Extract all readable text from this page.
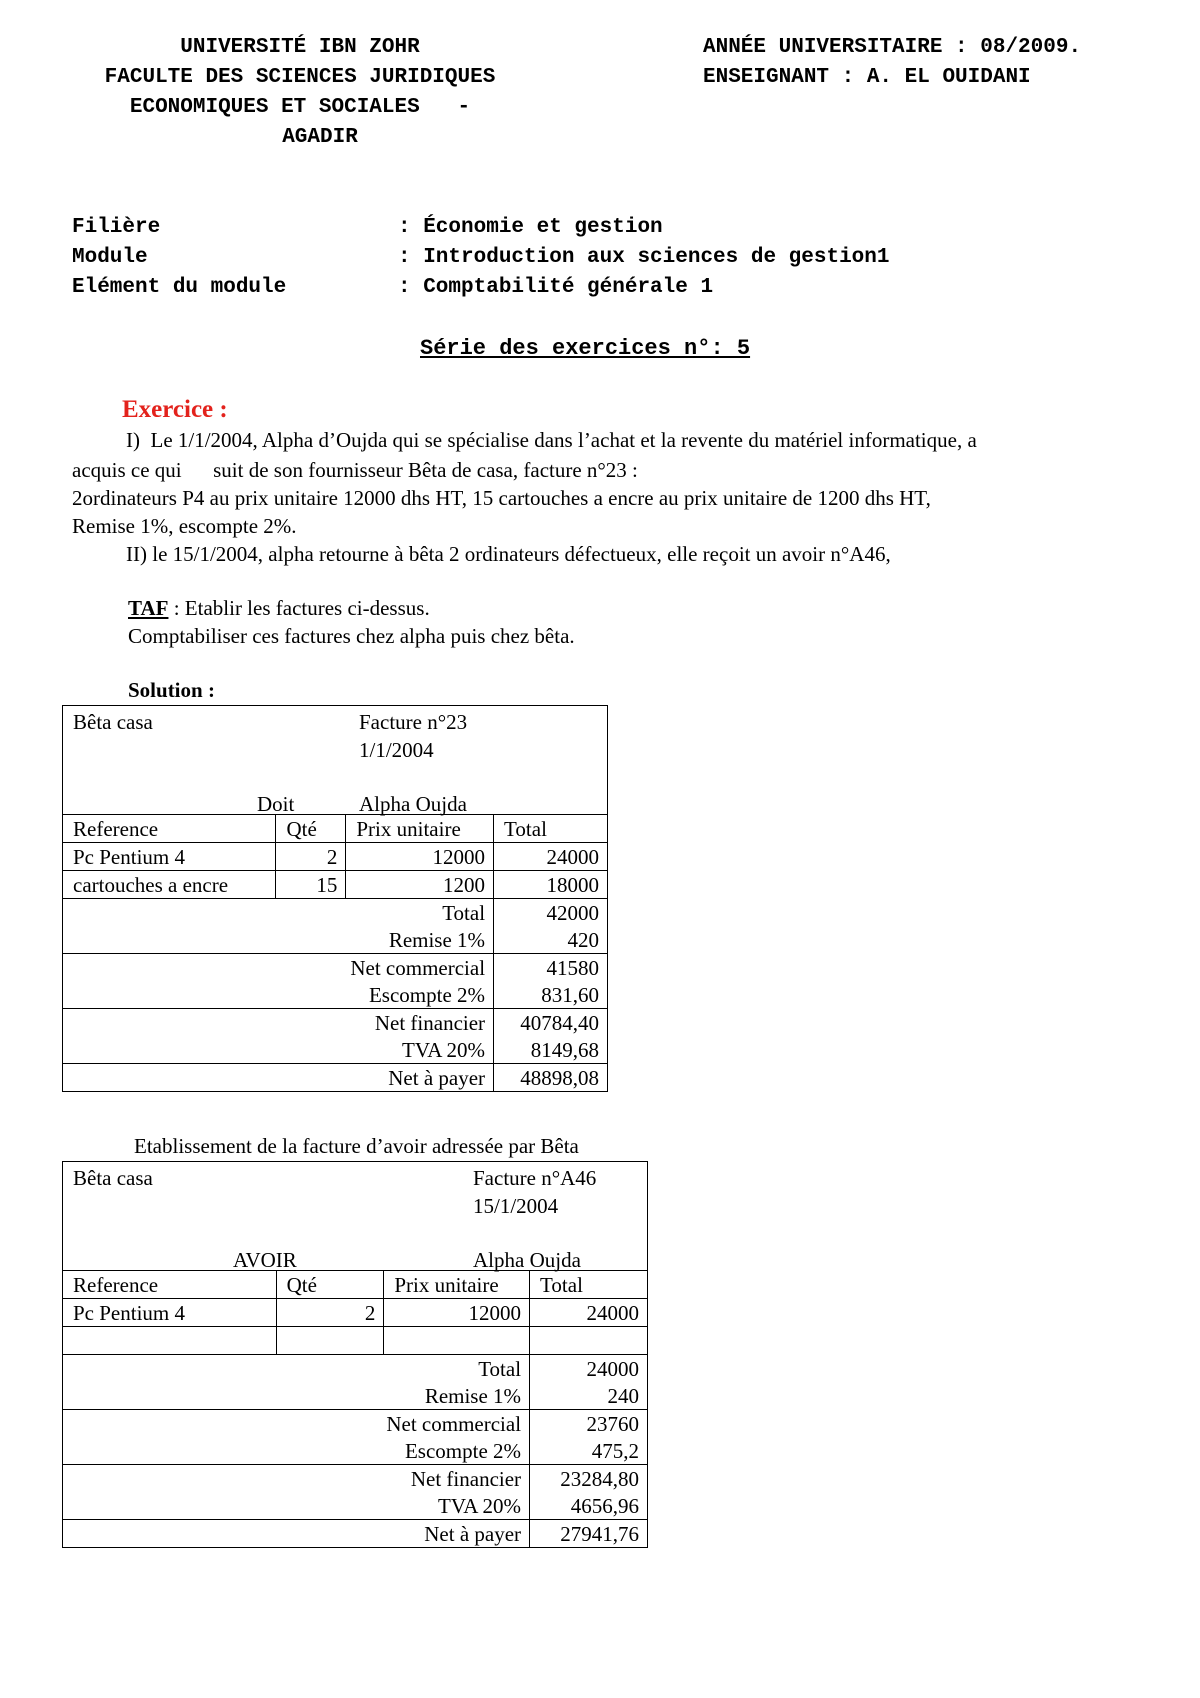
UNIVERSITÉ IBN ZOHR
FACULTE DES SCIENCES JURIDIQUES
ECONOMIQUES ET SOCIALES   -
AGADIR
ANNÉE UNIVERSITAIRE : 08/2009.
ENSEIGNANT : A. EL OUIDANI
Filière	: Économie et gestion
Module	: Introduction aux sciences de gestion1
Elément du module	: Comptabilité générale 1
Série des exercices n°: 5
Exercice :
I)  Le 1/1/2004, Alpha d’Oujda qui se spécialise dans l’achat et la revente du matériel informatique, a
acquis ce qui      suit de son fournisseur Bêta de casa, facture n°23 :
2ordinateurs P4 au prix unitaire 12000 dhs HT, 15 cartouches a encre au prix unitaire de 1200 dhs HT,
Remise 1%, escompte 2%.
II) le 15/1/2004, alpha retourne à bêta 2 ordinateurs défectueux, elle reçoit un avoir n°A46,
TAF : Etablir les factures ci-dessus.
Comptabiliser ces factures chez alpha puis chez bêta.
Solution :
Bêta casa Facture n°23
1/1/2004
Doit Alpha Oujda			

Reference	Qté	Prix unitaire	Total
Pc Pentium 4	2	12000	24000
cartouches a encre	15	1200	18000
Total			42000
Remise 1%			420
Net commercial			41580
Escompte 2%			831,60
Net financier			40784,40
TVA 20%			8149,68
Net à payer			48898,08
Etablissement de la facture d’avoir adressée par Bêta
Bêta casa Facture n°A46
15/1/2004
AVOIR Alpha Oujda			

Reference	Qté	Prix unitaire	Total
Pc Pentium 4	2	12000	24000

Total			24000
Remise 1%			240
Net commercial			23760
Escompte 2%			475,2
Net financier			23284,80
TVA 20%			4656,96
Net à payer			27941,76
